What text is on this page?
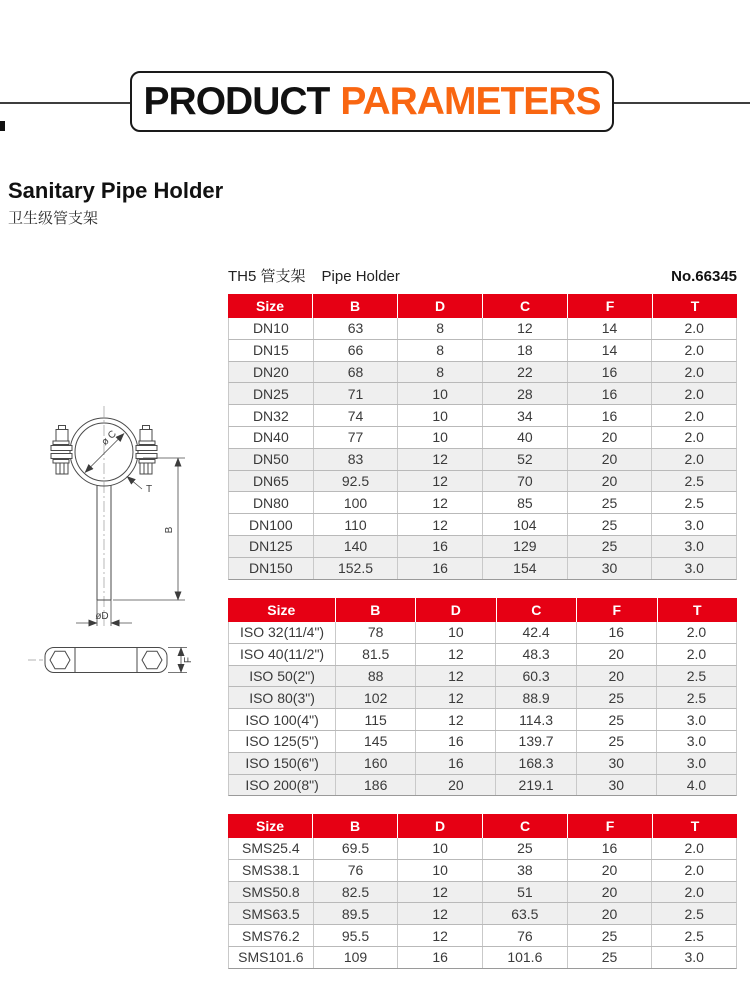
PRODUCT PARAMETERS
Sanitary Pipe Holder
卫生级管支架
TH5 管支架 Pipe Holder	No.66345
ø C
T
B
øD
F
Size	B	D	C	F	T
DN10	63	8	12	14	2.0
DN15	66	8	18	14	2.0
DN20	68	8	22	16	2.0
DN25	71	10	28	16	2.0
DN32	74	10	34	16	2.0
DN40	77	10	40	20	2.0
DN50	83	12	52	20	2.0
DN65	92.5	12	70	20	2.5
DN80	100	12	85	25	2.5
DN100	110	12	104	25	3.0
DN125	140	16	129	25	3.0
DN150	152.5	16	154	30	3.0
Size	B	D	C	F	T
ISO 32(11/4")	78	10	42.4	16	2.0
ISO 40(11/2")	81.5	12	48.3	20	2.0
ISO 50(2")	88	12	60.3	20	2.5
ISO 80(3")	102	12	88.9	25	2.5
ISO 100(4")	115	12	114.3	25	3.0
ISO 125(5")	145	16	139.7	25	3.0
ISO 150(6")	160	16	168.3	30	3.0
ISO 200(8")	186	20	219.1	30	4.0
Size	B	D	C	F	T
SMS25.4	69.5	10	25	16	2.0
SMS38.1	76	10	38	20	2.0
SMS50.8	82.5	12	51	20	2.0
SMS63.5	89.5	12	63.5	20	2.5
SMS76.2	95.5	12	76	25	2.5
SMS101.6	109	16	101.6	25	3.0
